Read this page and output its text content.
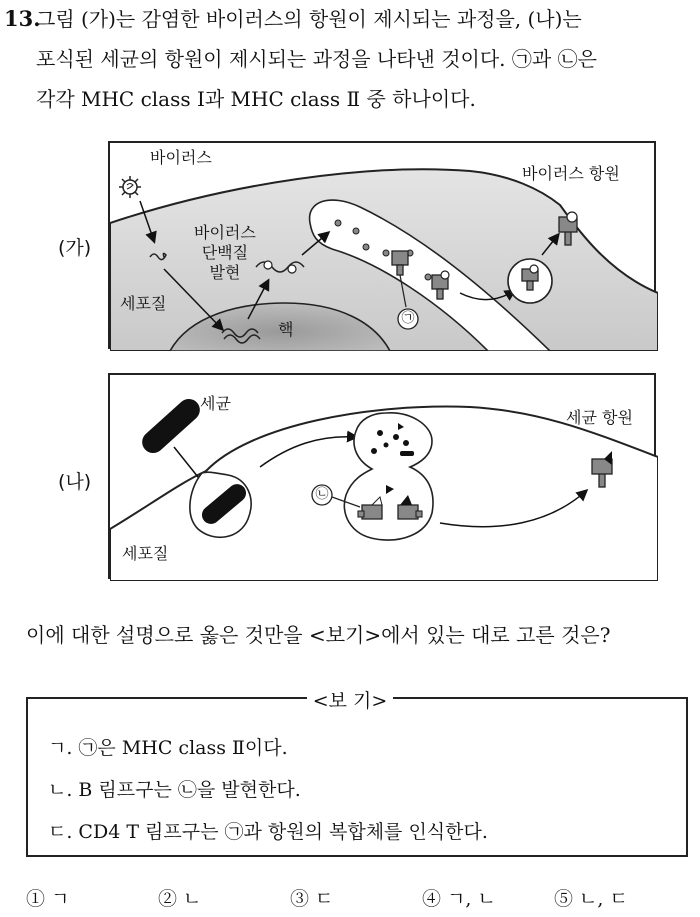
13.
그림 (가)는 감염한 바이러스의 항원이 제시되는 과정을, (나)는
포식된 세균의 항원이 제시되는 과정을 나타낸 것이다. ㉠과 ㉡은
각각 MHC class Ⅰ과 MHC class Ⅱ 중 하나이다.
(가)
바이러스
바이러스
단백질
발현
세포질
핵
바이러스 항원
㉠
(나)
세균
세포질
세균 항원
㉡
이에 대한 설명으로 옳은 것만을 <보기>에서 있는 대로 고른 것은?
ㄱ. ㉠은 MHC class Ⅱ이다.
ㄴ. B 림프구는 ㉡을 발현한다.
ㄷ. CD4 T 림프구는 ㉠과 항원의 복합체를 인식한다.
<보 기>
① ㄱ	② ㄴ	③ ㄷ	④ ㄱ, ㄴ	⑤ ㄴ, ㄷ
